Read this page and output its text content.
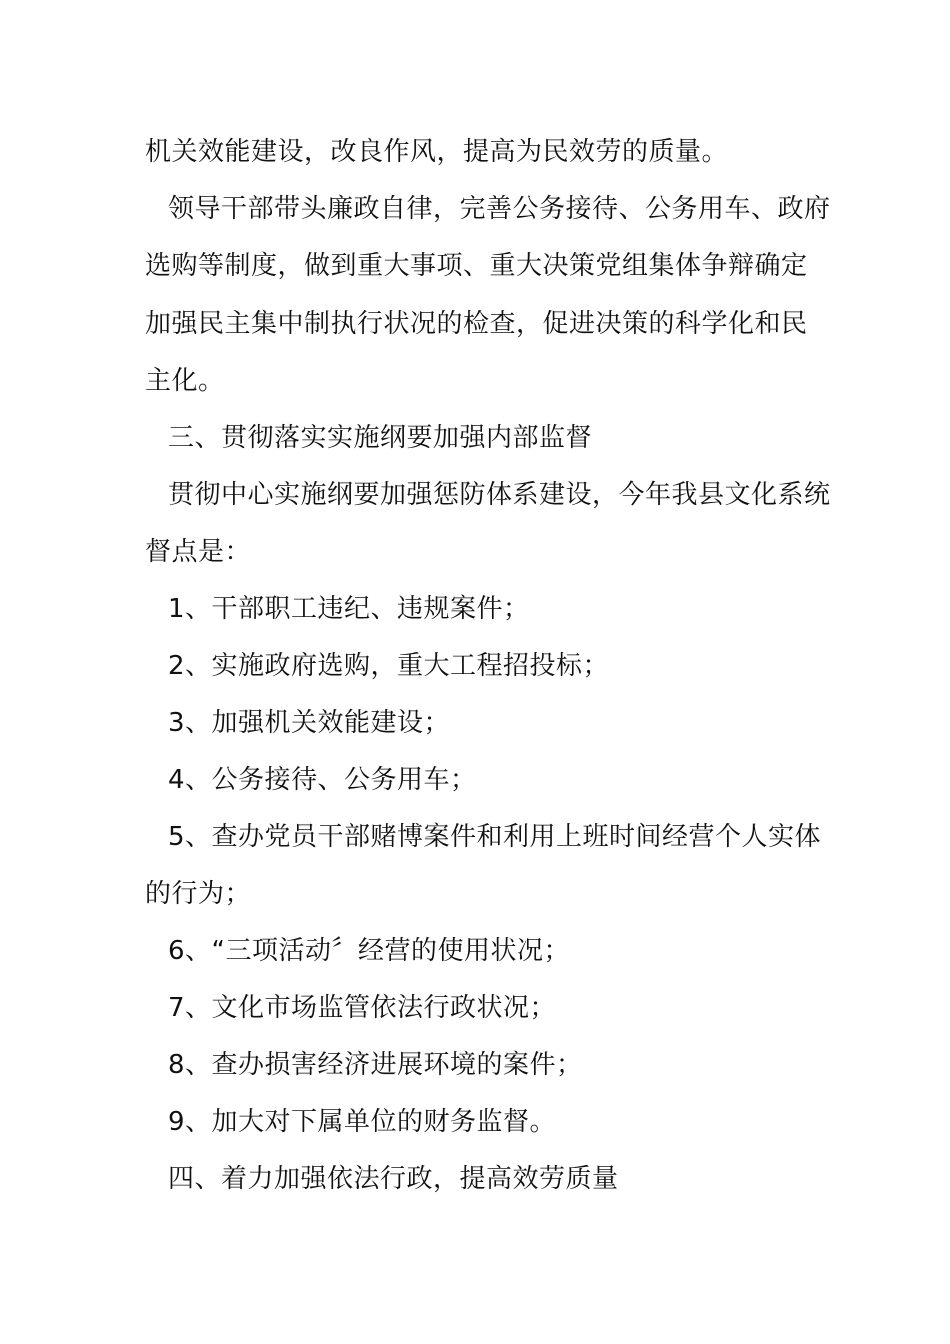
机关效能建设，改良作风，提高为民效劳的质量。
领导干部带头廉政自律，完善公务接待、公务用车、政府
选购等制度，做到重大事项、重大决策党组集体争辩确定
加强民主集中制执行状况的检查，促进决策的科学化和民
主化。
三、贯彻落实实施纲要加强内部监督
贯彻中心实施纲要加强惩防体系建设，今年我县文化系统
督点是：
1、干部职工违纪、违规案件；
2、实施政府选购，重大工程招投标；
3、加强机关效能建设；
4、公务接待、公务用车；
5、查办党员干部赌博案件和利用上班时间经营个人实体
的行为；
6、“三项活动〞经营的使用状况；
7、文化市场监管依法行政状况；
8、查办损害经济进展环境的案件；
9、加大对下属单位的财务监督。
四、着力加强依法行政，提高效劳质量
